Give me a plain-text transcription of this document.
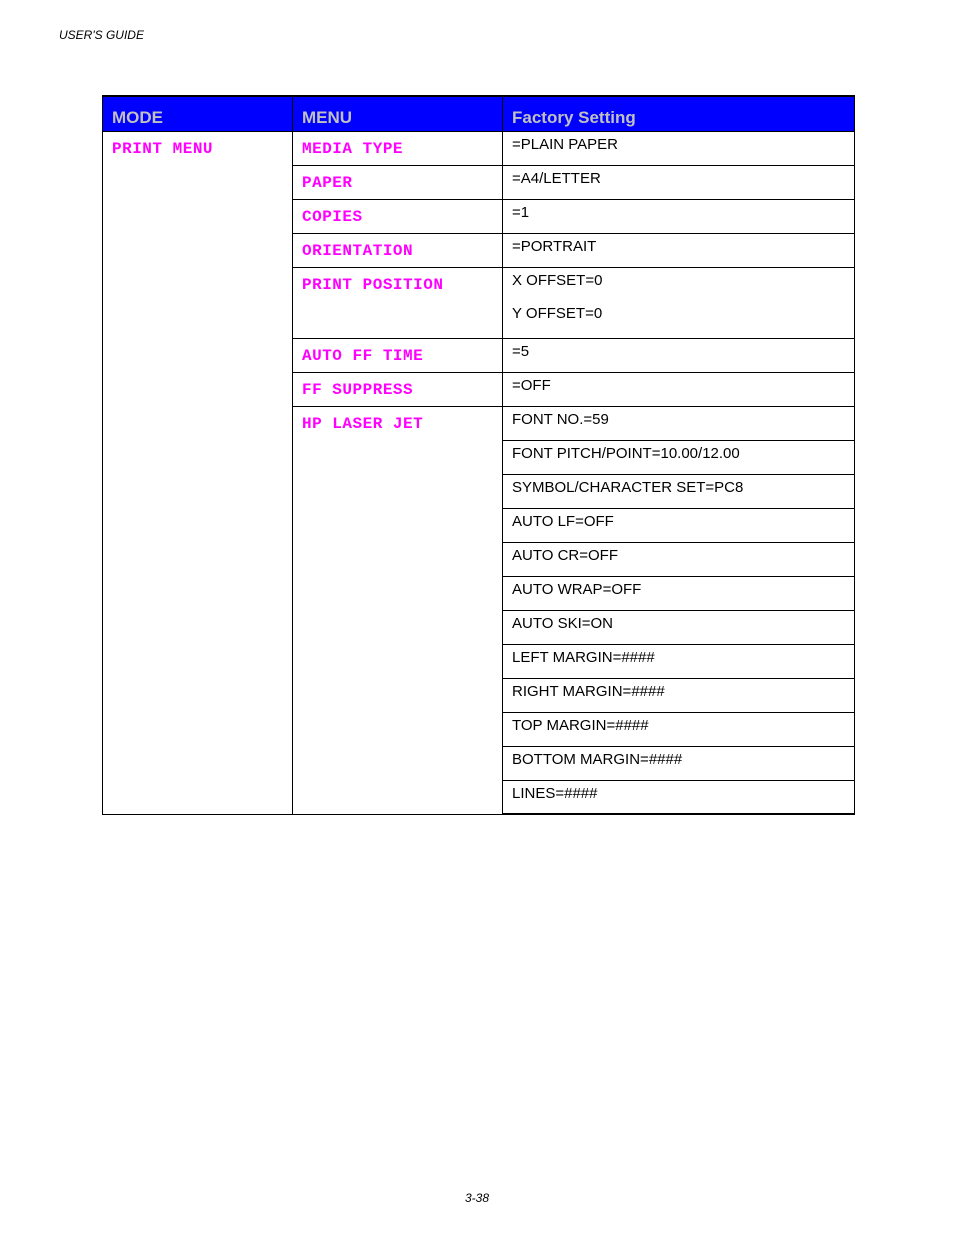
USER'S GUIDE
MODE	MENU	Factory Setting
PRINT MENU	MEDIA TYPE	=PLAIN PAPER
	PAPER	=A4/LETTER
	COPIES	=1
	ORIENTATION	=PORTRAIT
	PRINT POSITION	X OFFSET=0
Y OFFSET=0

	AUTO FF TIME	=5
	FF SUPPRESS	=OFF
	HP LASER JET	FONT NO.=59
		FONT PITCH/POINT=10.00/12.00
		SYMBOL/CHARACTER SET=PC8
		AUTO LF=OFF
		AUTO CR=OFF
		AUTO WRAP=OFF
		AUTO SKI=ON
		LEFT MARGIN=####
		RIGHT MARGIN=####
		TOP MARGIN=####
		BOTTOM MARGIN=####
		LINES=####
3-38
